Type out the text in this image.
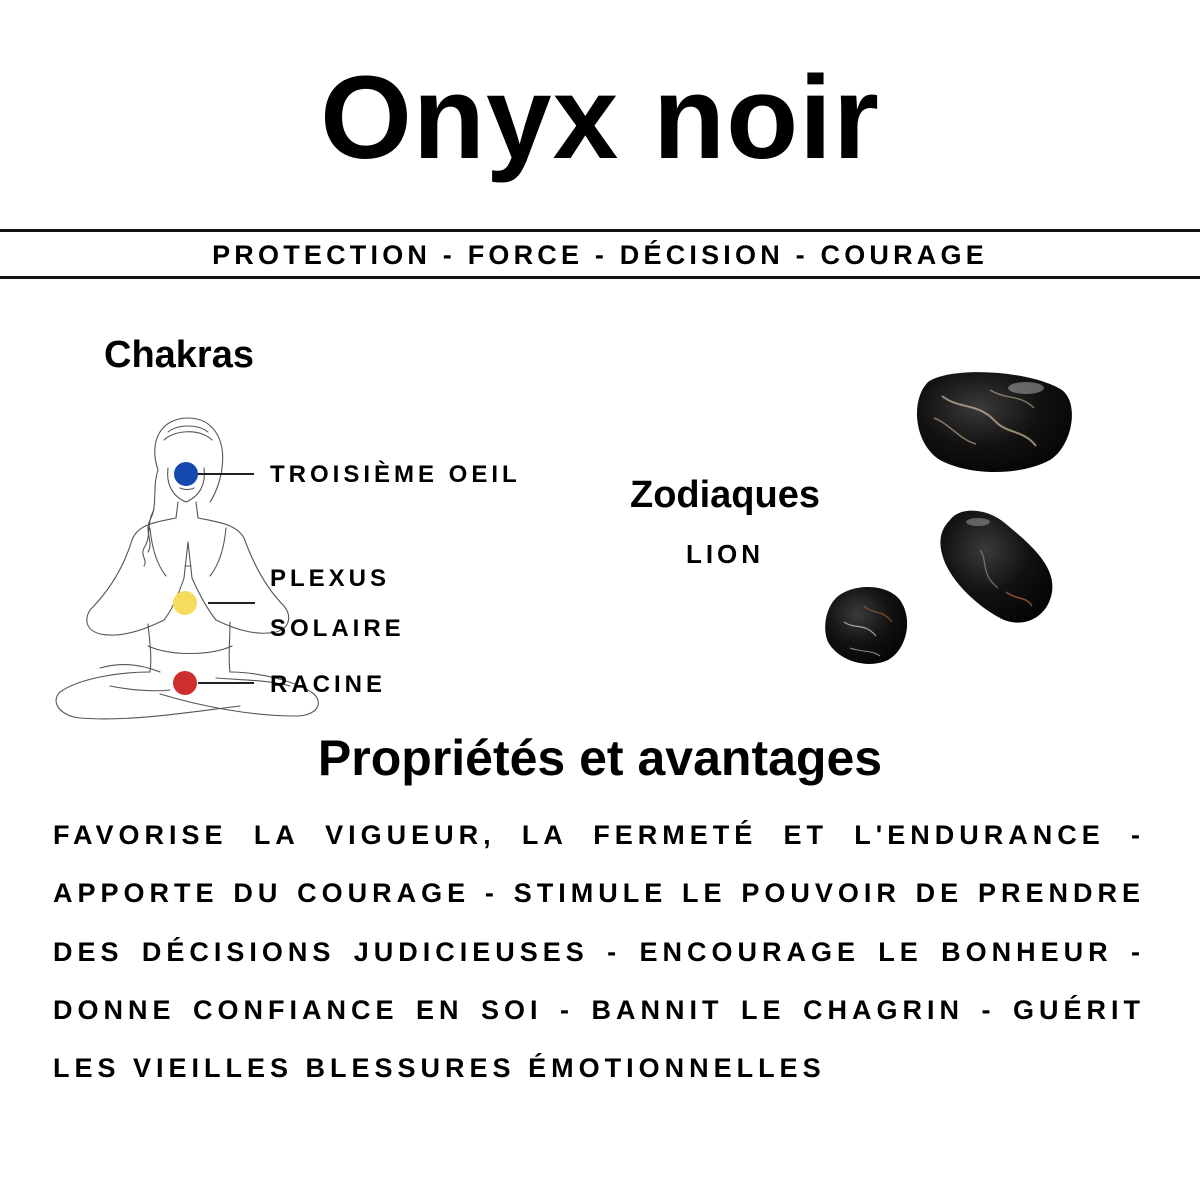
Onyx noir
PROTECTION - FORCE - DÉCISION - COURAGE
Chakras
TROISIÈME OEIL
PLEXUS
SOLAIRE
RACINE
Zodiaques
LION
Propriétés et avantages
FAVORISE LA VIGUEUR, LA FERMETÉ ET L'ENDURANCE - APPORTE DU COURAGE - STIMULE LE POUVOIR DE PRENDRE DES DÉCISIONS JUDICIEUSES - ENCOURAGE LE BONHEUR - DONNE CONFIANCE EN SOI - BANNIT LE CHAGRIN - GUÉRIT LES VIEILLES BLESSURES ÉMOTIONNELLES
